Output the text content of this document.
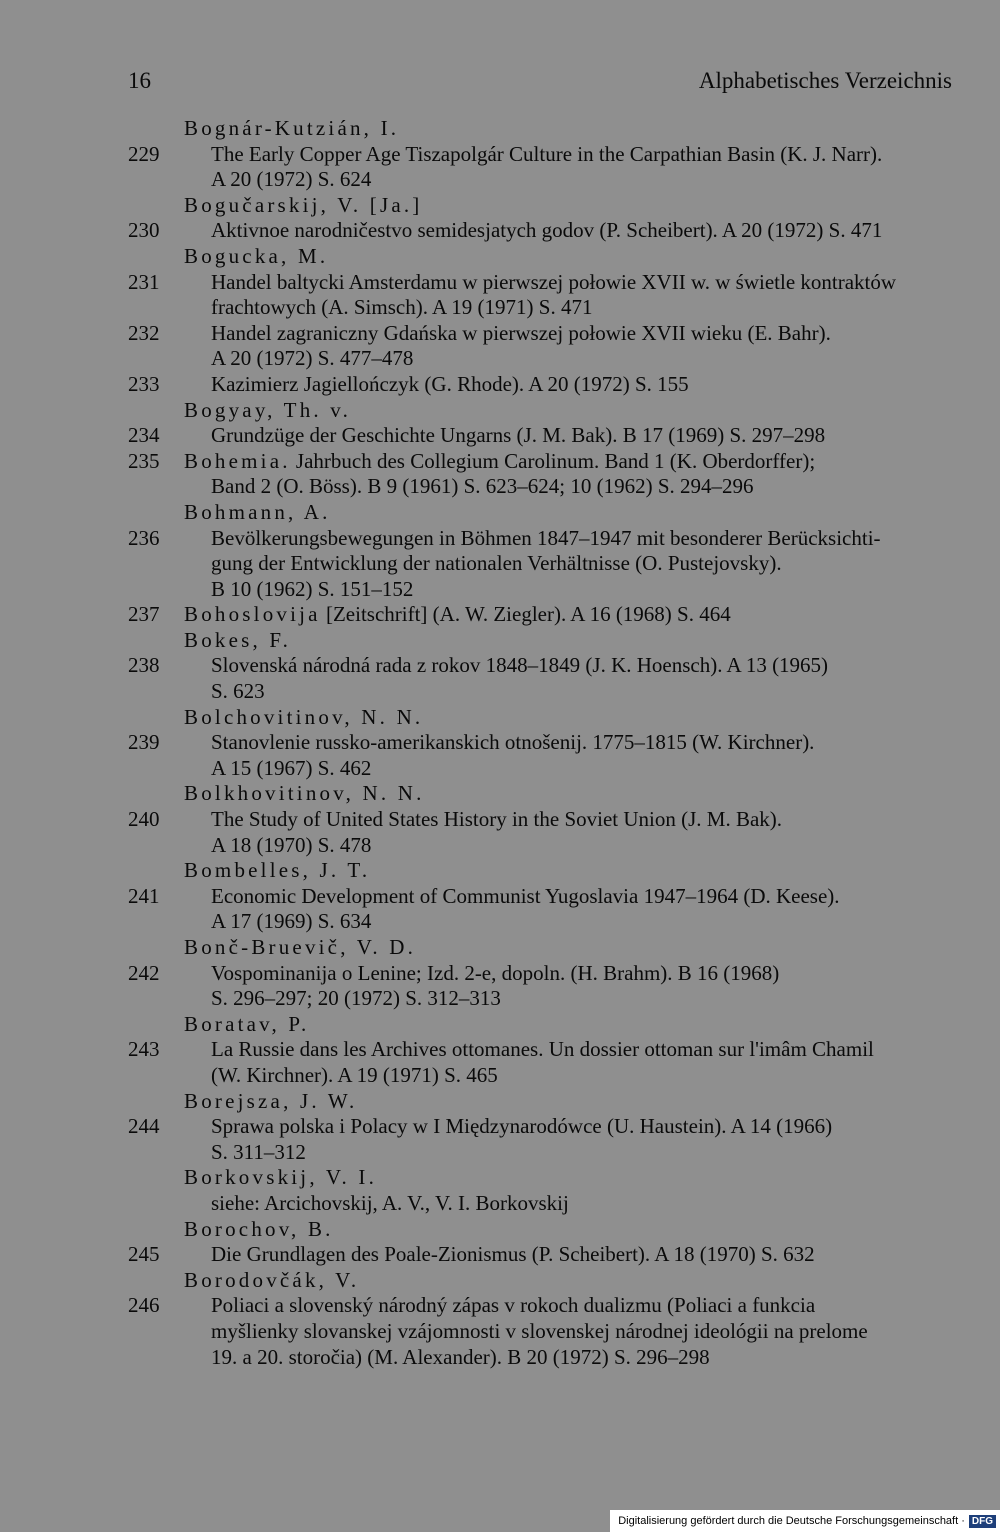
16	Alphabetisches Verzeichnis
Bognár-Kutzián, I.
229	The Early Copper Age Tiszapolgár Culture in the Carpathian Basin (K. J. Narr).
A 20 (1972) S. 624
Bogučarskij, V. [Ja.]
230	Aktivnoe narodničestvo semidesjatych godov (P. Scheibert). A 20 (1972) S. 471
Bogucka, M.
231	Handel baltycki Amsterdamu w pierwszej połowie XVII w. w świetle kontraktów
frachtowych (A. Simsch). A 19 (1971) S. 471
232	Handel zagraniczny Gdańska w pierwszej połowie XVII wieku (E. Bahr).
A 20 (1972) S. 477–478
233	Kazimierz Jagiellończyk (G. Rhode). A 20 (1972) S. 155
Bogyay, Th. v.
234	Grundzüge der Geschichte Ungarns (J. M. Bak). B 17 (1969) S. 297–298
235	Bohemia. Jahrbuch des Collegium Carolinum. Band 1 (K. Oberdorffer);
Band 2 (O. Böss). B 9 (1961) S. 623–624; 10 (1962) S. 294–296
Bohmann, A.
236	Bevölkerungsbewegungen in Böhmen 1847–1947 mit besonderer Berücksichti-
gung der Entwicklung der nationalen Verhältnisse (O. Pustejovsky).
B 10 (1962) S. 151–152
237	Bohoslovija [Zeitschrift] (A. W. Ziegler). A 16 (1968) S. 464
Bokes, F.
238	Slovenská národná rada z rokov 1848–1849 (J. K. Hoensch). A 13 (1965)
S. 623
Bolchovitinov, N. N.
239	Stanovlenie russko-amerikanskich otnošenij. 1775–1815 (W. Kirchner).
A 15 (1967) S. 462
Bolkhovitinov, N. N.
240	The Study of United States History in the Soviet Union (J. M. Bak).
A 18 (1970) S. 478
Bombelles, J. T.
241	Economic Development of Communist Yugoslavia 1947–1964 (D. Keese).
A 17 (1969) S. 634
Bonč-Bruevič, V. D.
242	Vospominanija o Lenine; Izd. 2-e, dopoln. (H. Brahm). B 16 (1968)
S. 296–297; 20 (1972) S. 312–313
Boratav, P.
243	La Russie dans les Archives ottomanes. Un dossier ottoman sur l'imâm Chamil
(W. Kirchner). A 19 (1971) S. 465
Borejsza, J. W.
244	Sprawa polska i Polacy w I Międzynarodówce (U. Haustein). A 14 (1966)
S. 311–312
Borkovskij, V. I.
siehe: Arcichovskij, A. V., V. I. Borkovskij
Borochov, B.
245	Die Grundlagen des Poale-Zionismus (P. Scheibert). A 18 (1970) S. 632
Borodovčák, V.
246	Poliaci a slovenský národný zápas v rokoch dualizmu (Poliaci a funkcia
myšlienky slovanskej vzájomnosti v slovenskej národnej ideológii na prelome
19. a 20. storočia) (M. Alexander). B 20 (1972) S. 296–298
Digitalisierung gefördert durch die Deutsche Forschungsgemeinschaft · DFG
